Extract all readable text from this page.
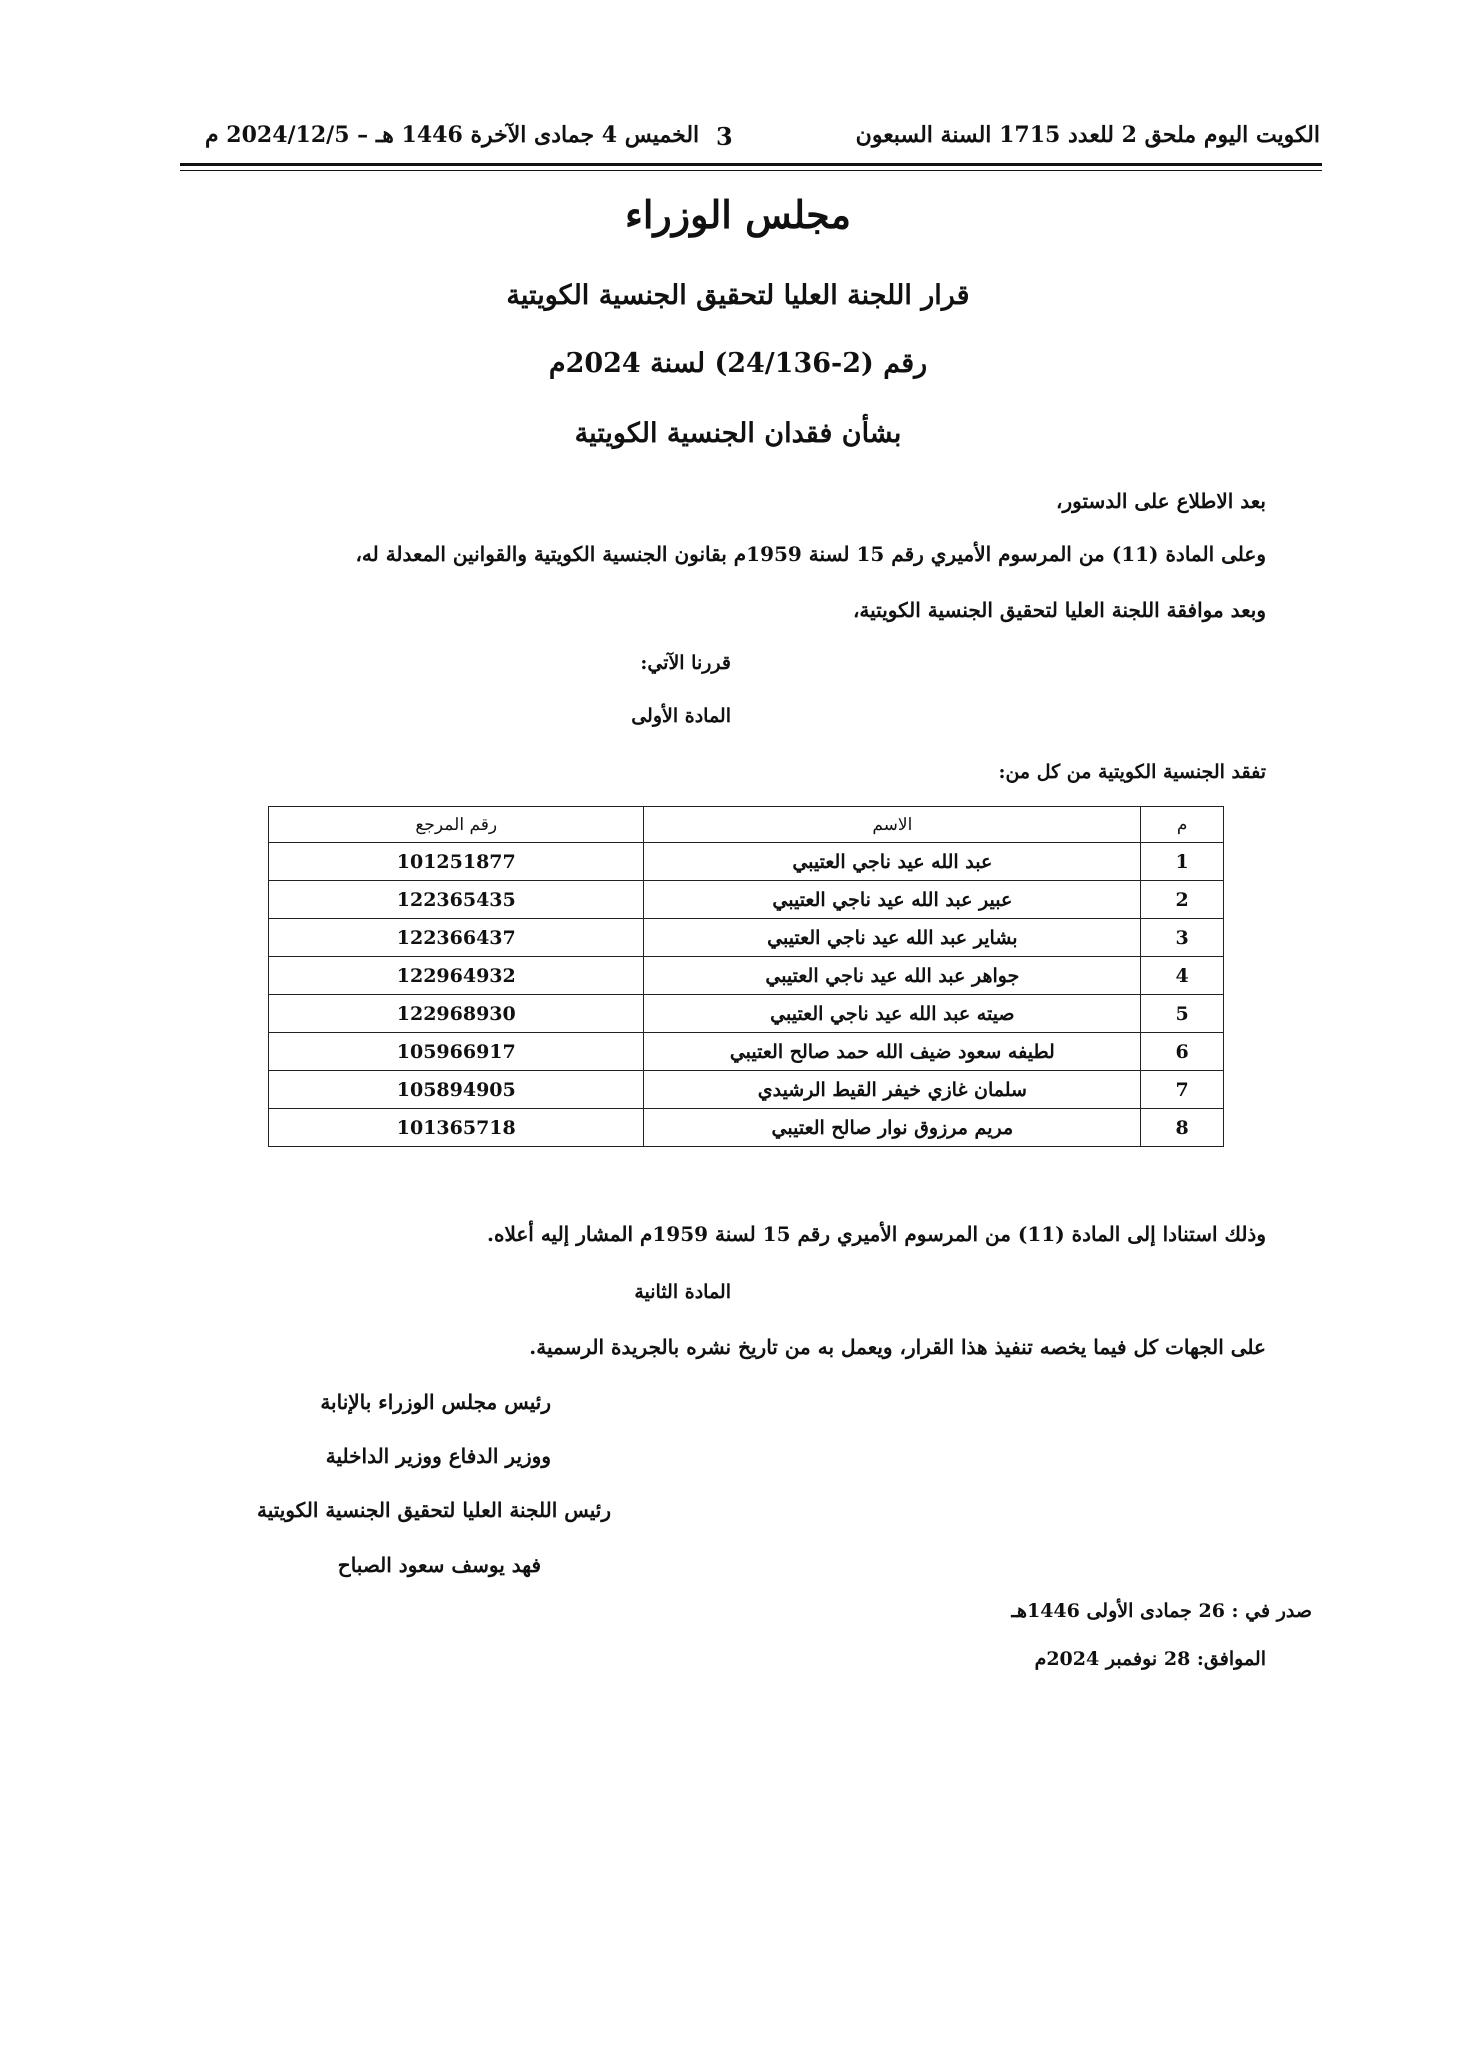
الكويت اليوم ملحق 2 للعدد 1715 السنة السبعون
3
الخميس 4 جمادى الآخرة 1446 هـ – 2024/12/5 م
مجلس الوزراء
قرار اللجنة العليا لتحقيق الجنسية الكويتية
رقم (2-24/136) لسنة 2024م
بشأن فقدان الجنسية الكويتية
بعد الاطلاع على الدستور،
وعلى المادة (11) من المرسوم الأميري رقم 15 لسنة 1959م بقانون الجنسية الكويتية والقوانين المعدلة له،
وبعد موافقة اللجنة العليا لتحقيق الجنسية الكويتية،
قررنا الآتي:
المادة الأولى
تفقد الجنسية الكويتية من كل من:
م	الاسم	رقم المرجع
1	عبد الله عيد ناجي العتيبي	101251877
2	عبير عبد الله عيد ناجي العتيبي	122365435
3	بشاير عبد الله عيد ناجي العتيبي	122366437
4	جواهر عبد الله عيد ناجي العتيبي	122964932
5	صيته عبد الله عيد ناجي العتيبي	122968930
6	لطيفه سعود ضيف الله حمد صالح العتيبي	105966917
7	سلمان غازي خيفر القيط الرشيدي	105894905
8	مريم مرزوق نوار صالح العتيبي	101365718
وذلك استنادا إلى المادة (11) من المرسوم الأميري رقم 15 لسنة 1959م المشار إليه أعلاه.
المادة الثانية
على الجهات كل فيما يخصه تنفيذ هذا القرار، ويعمل به من تاريخ نشره بالجريدة الرسمية.
رئيس مجلس الوزراء بالإنابة
ووزير الدفاع ووزير الداخلية
رئيس اللجنة العليا لتحقيق الجنسية الكويتية
فهد يوسف سعود الصباح
صدر في : 26 جمادى الأولى 1446هـ
الموافق: 28 نوفمبر 2024م
